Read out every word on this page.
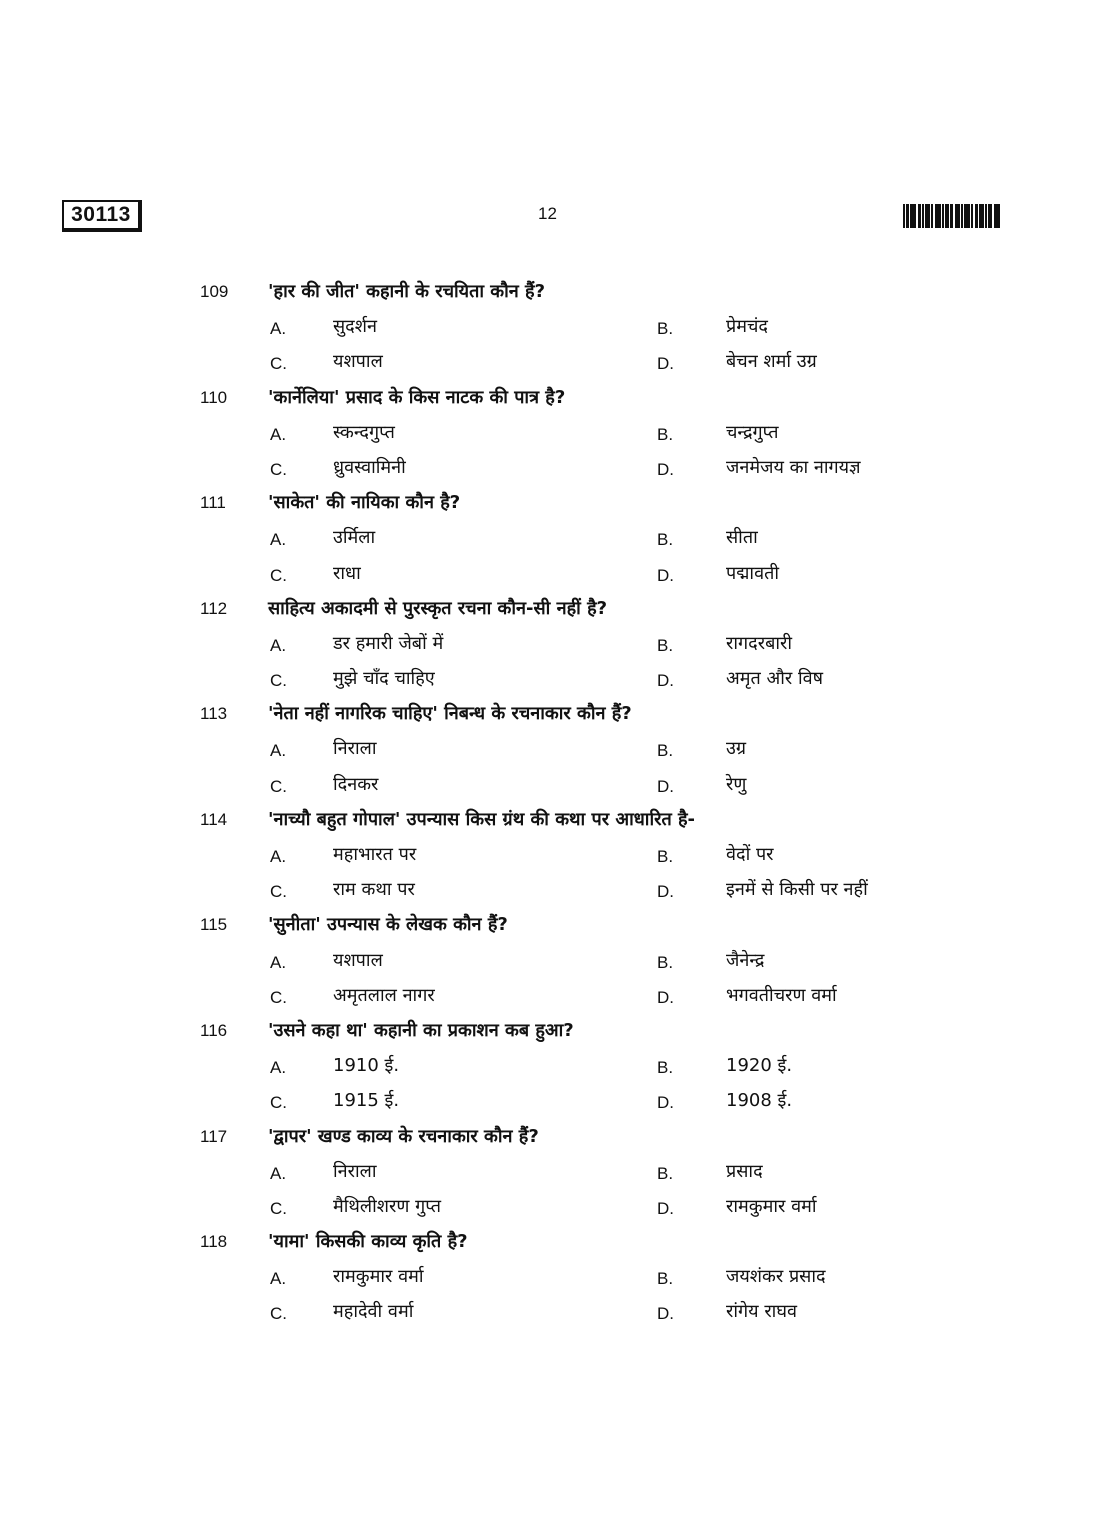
30113	12
109 'हार की जीत' कहानी के रचयिता कौन हैं?
A.	सुदर्शन	B.	प्रेमचंद
C.	यशपाल	D.	बेचन शर्मा उग्र
110 'कार्नेलिया' प्रसाद के किस नाटक की पात्र है?
A.	स्कन्दगुप्त	B.	चन्द्रगुप्त
C.	ध्रुवस्वामिनी	D.	जनमेजय का नागयज्ञ
111 'साकेत' की नायिका कौन है?
A.	उर्मिला	B.	सीता
C.	राधा	D.	पद्मावती
112 साहित्य अकादमी से पुरस्कृत रचना कौन-सी नहीं है?
A.	डर हमारी जेबों में	B.	रागदरबारी
C.	मुझे चाँद चाहिए	D.	अमृत और विष
113 'नेता नहीं नागरिक चाहिए' निबन्ध के रचनाकार कौन हैं?
A.	निराला	B.	उग्र
C.	दिनकर	D.	रेणु
114 'नाच्यौ बहुत गोपाल' उपन्यास किस ग्रंथ की कथा पर आधारित है-
A.	महाभारत पर	B.	वेदों पर
C.	राम कथा पर	D.	इनमें से किसी पर नहीं
115 'सुनीता' उपन्यास के लेखक कौन हैं?
A.	यशपाल	B.	जैनेन्द्र
C.	अमृतलाल नागर	D.	भगवतीचरण वर्मा
116 'उसने कहा था' कहानी का प्रकाशन कब हुआ?
A.	1910 ई.	B.	1920 ई.
C.	1915 ई.	D.	1908 ई.
117 'द्वापर' खण्ड काव्य के रचनाकार कौन हैं?
A.	निराला	B.	प्रसाद
C.	मैथिलीशरण गुप्त	D.	रामकुमार वर्मा
118 'यामा' किसकी काव्य कृति है?
A.	रामकुमार वर्मा	B.	जयशंकर प्रसाद
C.	महादेवी वर्मा	D.	रांगेय राघव
